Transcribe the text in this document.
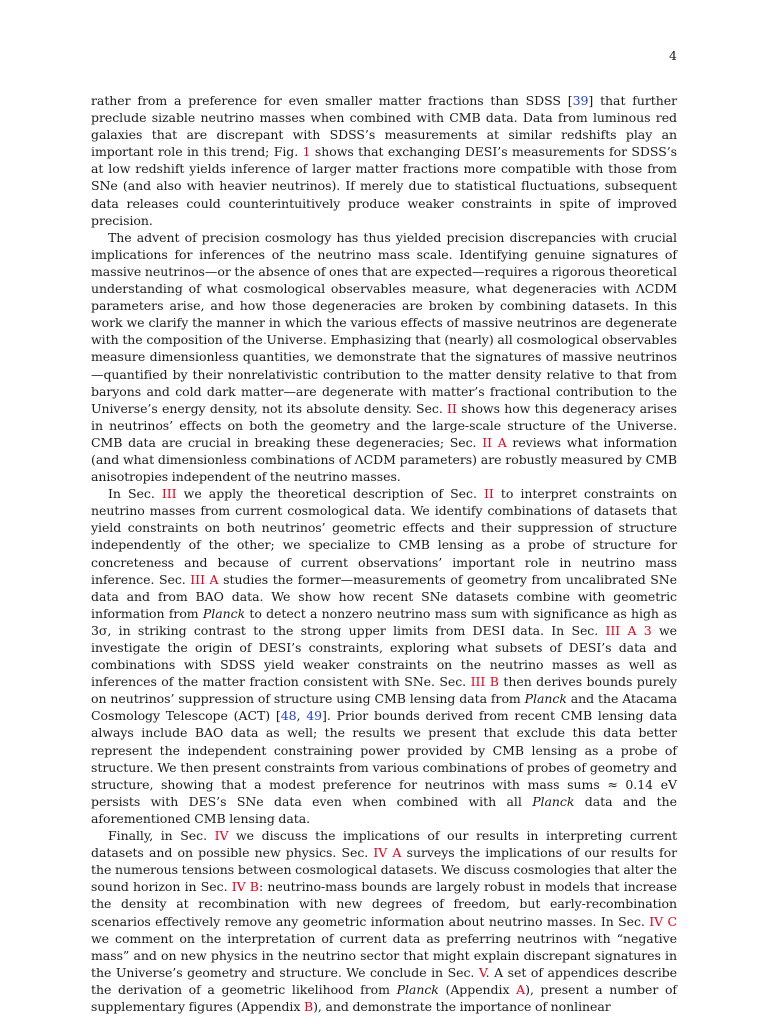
4

rather from a preference for even smaller matter fractions than SDSS [39] that further preclude sizable neutrino masses when combined with CMB data. Data from luminous red galaxies that are discrepant with SDSS’s measurements at similar redshifts play an important role in this trend; Fig. 1 shows that exchanging DESI’s measurements for SDSS’s at low redshift yields inference of larger matter fractions more compatible with those from SNe (and also with heavier neutrinos). If merely due to statistical fluctuations, subsequent data releases could counterintuitively produce weaker constraints in spite of improved precision.

The advent of precision cosmology has thus yielded precision discrepancies with crucial implications for inferences of the neutrino mass scale. Identifying genuine signatures of massive neutrinos—or the absence of ones that are expected—requires a rigorous theoretical understanding of what cosmological observables measure, what degeneracies with ΛCDM parameters arise, and how those degeneracies are broken by combining datasets. In this work we clarify the manner in which the various effects of massive neutrinos are degenerate with the composition of the Universe. Emphasizing that (nearly) all cosmological observables measure dimensionless quantities, we demonstrate that the signatures of massive neutrinos—quantified by their nonrelativistic contribution to the matter density relative to that from baryons and cold dark matter—are degenerate with matter’s fractional contribution to the Universe’s energy density, not its absolute density. Sec. II shows how this degeneracy arises in neutrinos’ effects on both the geometry and the large-scale structure of the Universe. CMB data are crucial in breaking these degeneracies; Sec. II A reviews what information (and what dimensionless combinations of ΛCDM parameters) are robustly measured by CMB anisotropies independent of the neutrino masses.

In Sec. III we apply the theoretical description of Sec. II to interpret constraints on neutrino masses from current cosmological data. We identify combinations of datasets that yield constraints on both neutrinos’ geometric effects and their suppression of structure independently of the other; we specialize to CMB lensing as a probe of structure for concreteness and because of current observations’ important role in neutrino mass inference. Sec. III A studies the former—measurements of geometry from uncalibrated SNe data and from BAO data. We show how recent SNe datasets combine with geometric information from Planck to detect a nonzero neutrino mass sum with significance as high as 3σ, in striking contrast to the strong upper limits from DESI data. In Sec. III A 3 we investigate the origin of DESI’s constraints, exploring what subsets of DESI’s data and combinations with SDSS yield weaker constraints on the neutrino masses as well as inferences of the matter fraction consistent with SNe. Sec. III B then derives bounds purely on neutrinos’ suppression of structure using CMB lensing data from Planck and the Atacama Cosmology Telescope (ACT) [48, 49]. Prior bounds derived from recent CMB lensing data always include BAO data as well; the results we present that exclude this data better represent the independent constraining power provided by CMB lensing as a probe of structure. We then present constraints from various combinations of probes of geometry and structure, showing that a modest preference for neutrinos with mass sums ≈ 0.14 eV persists with DES’s SNe data even when combined with all Planck data and the aforementioned CMB lensing data.

Finally, in Sec. IV we discuss the implications of our results in interpreting current datasets and on possible new physics. Sec. IV A surveys the implications of our results for the numerous tensions between cosmological datasets. We discuss cosmologies that alter the sound horizon in Sec. IV B: neutrino-mass bounds are largely robust in models that increase the density at recombination with new degrees of freedom, but early-recombination scenarios effectively remove any geometric information about neutrino masses. In Sec. IV C we comment on the interpretation of current data as preferring neutrinos with “negative mass” and on new physics in the neutrino sector that might explain discrepant signatures in the Universe’s geometry and structure. We conclude in Sec. V. A set of appendices describe the derivation of a geometric likelihood from Planck (Appendix A), present a number of supplementary figures (Appendix B), and demonstrate the importance of nonlinear
